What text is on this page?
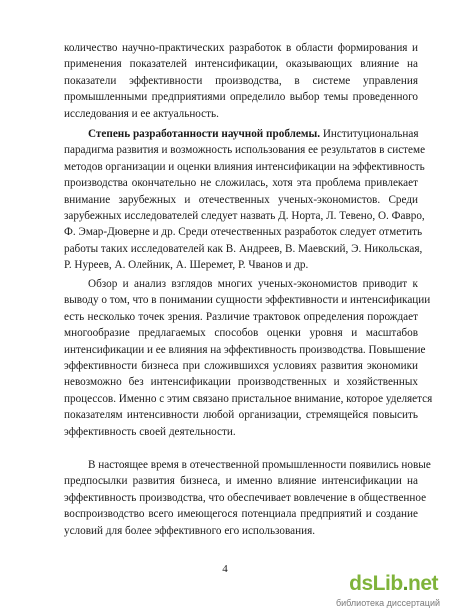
количество научно-практических разработок в области формирования и
применения показателей интенсификации, оказывающих влияние на
показатели эффективности производства, в системе управления
промышленными предприятиями определило выбор темы проведенного
исследования и ее актуальность.
Степень разработанности научной проблемы. Институциональная
парадигма развития и возможность использования ее результатов в системе
методов организации и оценки влияния интенсификации на эффективность
производства окончательно не сложилась, хотя эта проблема привлекает
внимание зарубежных и отечественных ученых-экономистов. Среди
зарубежных исследователей следует назвать Д. Норта, Л. Тевено, О. Фавро,
Ф. Эмар-Дюверне и др. Среди отечественных разработок следует отметить
работы таких исследователей как В. Андреев, В. Маевский, Э. Никольская,
Р. Нуреев, А. Олейник, А. Шеремет, Р. Чванов и др.
Обзор и анализ взглядов многих ученых-экономистов приводит к
выводу о том, что в понимании сущности эффективности и интенсификации
есть несколько точек зрения. Различие трактовок определения порождает
многообразие предлагаемых способов оценки уровня и масштабов
интенсификации и ее влияния на эффективность производства. Повышение
эффективности бизнеса при сложившихся условиях развития экономики
невозможно без интенсификации производственных и хозяйственных
процессов. Именно с этим связано пристальное внимание, которое уделяется
показателям интенсивности любой организации, стремящейся повысить
эффективность своей деятельности.
В настоящее время в отечественной промышленности появились новые
предпосылки развития бизнеса, и именно влияние интенсификации на
эффективность производства, что обеспечивает вовлечение в общественное
воспроизводство всего имеющегося потенциала предприятий и создание
условий для более эффективного его использования.
4
dsLib.net
библиотека диссертаций
